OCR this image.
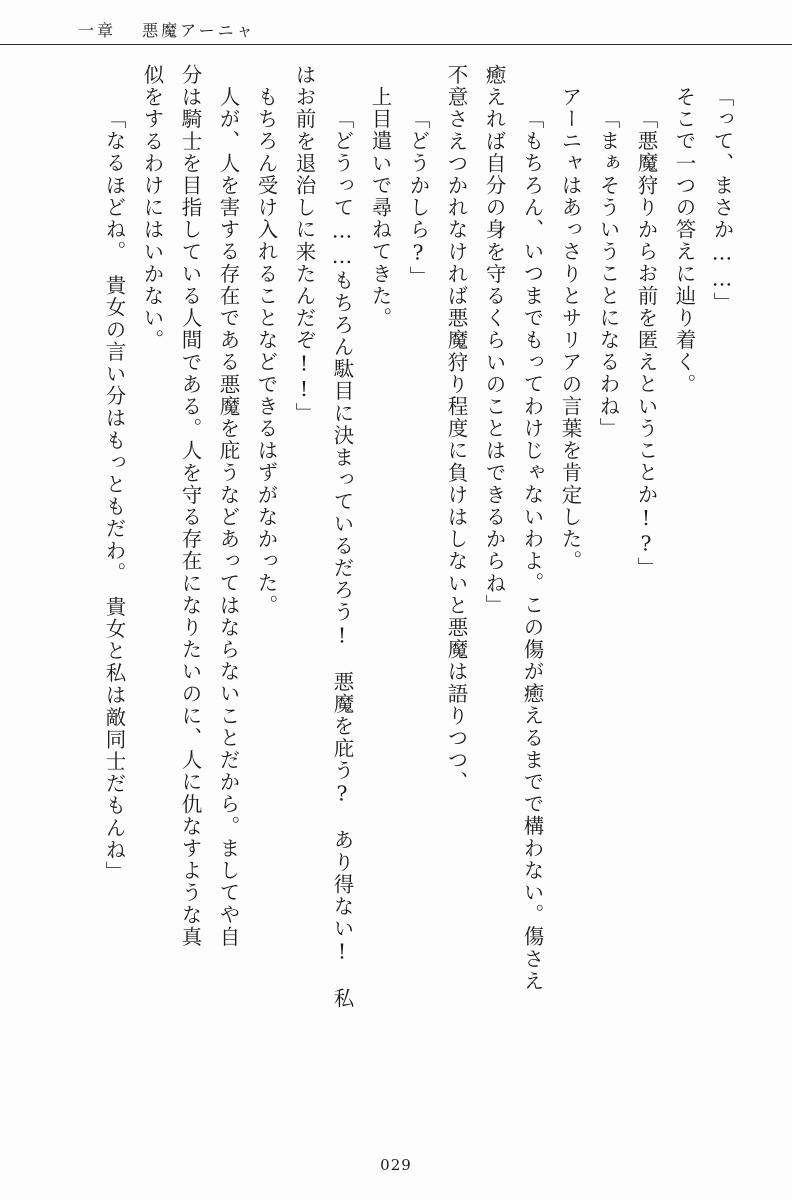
一章 悪魔アーニャ
「って、まさか……」
そこで一つの答えに辿り着く。
「悪魔狩りからお前を匿えということか!?」
「まぁそういうことになるわね」
アーニャはあっさりとサリアの言葉を肯定した。
「もちろん、いつまでもってわけじゃないわよ。この傷が癒えるまでで構わない。傷さえ
癒えれば自分の身を守るくらいのことはできるからね」
不意さえつかれなければ悪魔狩り程度に負けはしないと悪魔は語りつつ、
「どうかしら?」
上目遣いで尋ねてきた。
「どうって……もちろん駄目に決まっているだろう!　悪魔を庇う?　あり得ない!　私
はお前を退治しに来たんだぞ!!」
もちろん受け入れることなどできるはずがなかった。
人が、人を害する存在である悪魔を庇うなどあってはならないことだから。ましてや自
分は騎士を目指している人間である。人を守る存在になりたいのに、人に仇なすような真
似をするわけにはいかない。
「なるほどね。　貴女の言い分はもっともだわ。　貴女と私は敵同士だもんね」
029
